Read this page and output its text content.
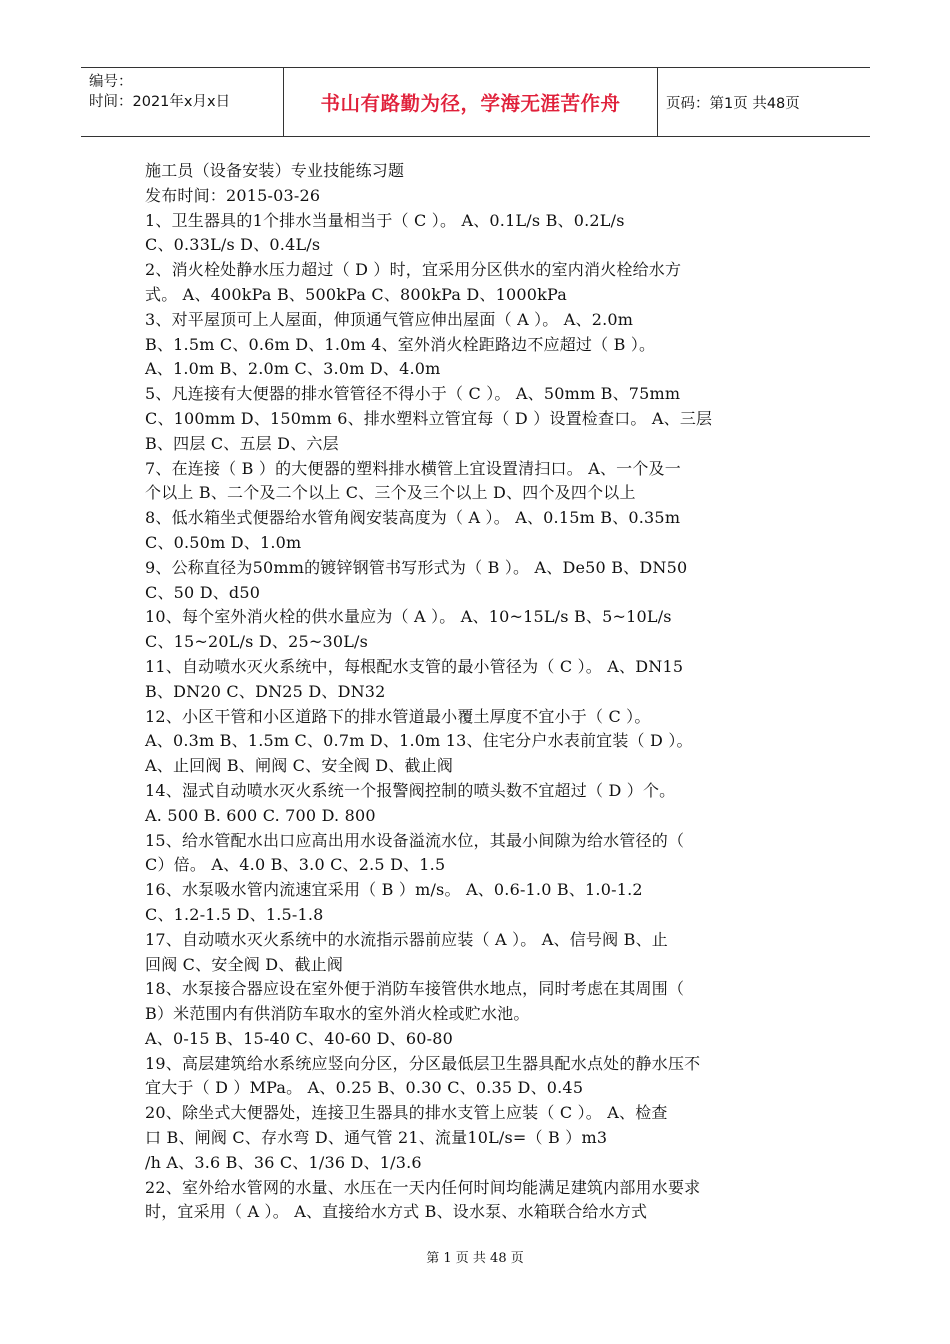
编号：
时间：2021年x月x日	书山有路勤为径，学海无涯苦作舟	页码：第1页 共48页

施工员（设备安装）专业技能练习题

发布时间：2015-03-26

1、卫生器具的1个排水当量相当于（ C ）。 A、0.1L/s B、0.2L/s

C、0.33L/s D、0.4L/s

2、消火栓处静水压力超过（ D ）时，宜采用分区供水的室内消火栓给水方

式。 A、400kPa B、500kPa C、800kPa D、1000kPa

3、对平屋顶可上人屋面，伸顶通气管应伸出屋面（ A ）。 A、2.0m

B、1.5m C、0.6m D、1.0m 4、室外消火栓距路边不应超过（ B ）。

A、1.0m B、2.0m C、3.0m D、4.0m

5、凡连接有大便器的排水管管径不得小于（ C ）。 A、50mm B、75mm

C、100mm D、150mm 6、排水塑料立管宜每（ D ）设置检查口。 A、三层

B、四层 C、五层 D、六层

7、在连接（ B ）的大便器的塑料排水横管上宜设置清扫口。 A、一个及一

个以上 B、二个及二个以上 C、三个及三个以上 D、四个及四个以上

8、低水箱坐式便器给水管角阀安装高度为（ A ）。 A、0.15m B、0.35m

C、0.50m D、1.0m

9、公称直径为50mm的镀锌钢管书写形式为（ B ）。 A、De50 B、DN50

C、50 D、d50

10、每个室外消火栓的供水量应为（ A ）。 A、10~15L/s B、5~10L/s

C、15~20L/s D、25~30L/s

11、自动喷水灭火系统中，每根配水支管的最小管径为（ C ）。 A、DN15

B、DN20 C、DN25 D、DN32

12、小区干管和小区道路下的排水管道最小覆土厚度不宜小于（ C ）。

A、0.3m B、1.5m C、0.7m D、1.0m 13、住宅分户水表前宜装（ D ）。

A、止回阀 B、闸阀 C、安全阀 D、截止阀

14、湿式自动喷水灭火系统一个报警阀控制的喷头数不宜超过（ D ）个。

A. 500 B. 600 C. 700 D. 800

15、给水管配水出口应高出用水设备溢流水位，其最小间隙为给水管径的（

C）倍。 A、4.0 B、3.0 C、2.5 D、1.5

16、水泵吸水管内流速宜采用（ B ）m/s。 A、0.6-1.0 B、1.0-1.2

C、1.2-1.5 D、1.5-1.8

17、自动喷水灭火系统中的水流指示器前应装（ A ）。 A、信号阀 B、止

回阀 C、安全阀 D、截止阀

18、水泵接合器应设在室外便于消防车接管供水地点，同时考虑在其周围（

B）米范围内有供消防车取水的室外消火栓或贮水池。

A、0-15 B、15-40 C、40-60 D、60-80

19、高层建筑给水系统应竖向分区，分区最低层卫生器具配水点处的静水压不

宜大于（ D ）MPa。 A、0.25 B、0.30 C、0.35 D、0.45

20、除坐式大便器处，连接卫生器具的排水支管上应装（ C ）。 A、检查

口 B、闸阀 C、存水弯 D、通气管 21、流量10L/s=（ B ）m3

/h A、3.6 B、36 C、1/36 D、1/3.6

22、室外给水管网的水量、水压在一天内任何时间均能满足建筑内部用水要求

时，宜采用（ A ）。 A、直接给水方式 B、设水泵、水箱联合给水方式

第 1 页 共 48 页
